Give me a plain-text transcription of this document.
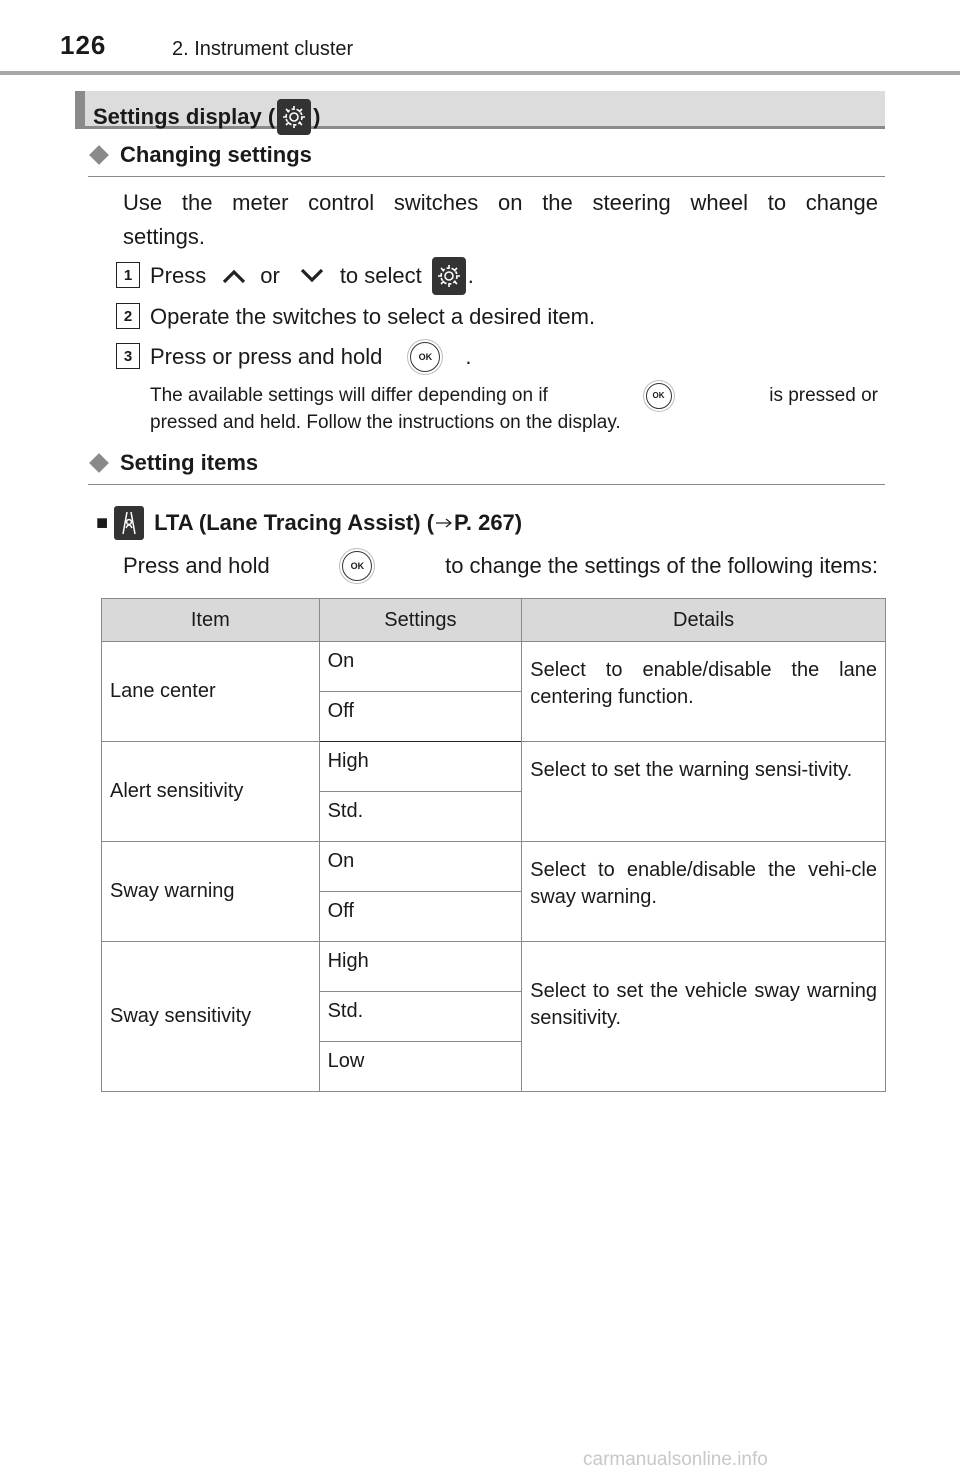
126	2. Instrument cluster
Settings display ( )
Changing settings
Use the meter control switches on the steering wheel to change
settings.
1 Press or	to select .
2 Operate the switches to select a desired item.
3 Press or press and hold	OK	.
The available settings will differ depending on if	OK	is pressed or
pressed and held. Follow the instructions on the display.
Setting items
■ LTA (Lane Tracing Assist) ( P. 267)
Press and hold	OK	to change the settings of the following items:
Item	Settings	Details
Lane center	On	Select to enable/disable the lane centering function.
	Off	
Alert sensitivity	High	Select to set the warning sensi-tivity.
	Std.	
Sway warning	On	Select to enable/disable the vehi-cle sway warning.
	Off	
Sway sensitivity	High	Select to set the vehicle sway warning sensitivity.
	Std.	
	Low	
carmanualsonline.info
